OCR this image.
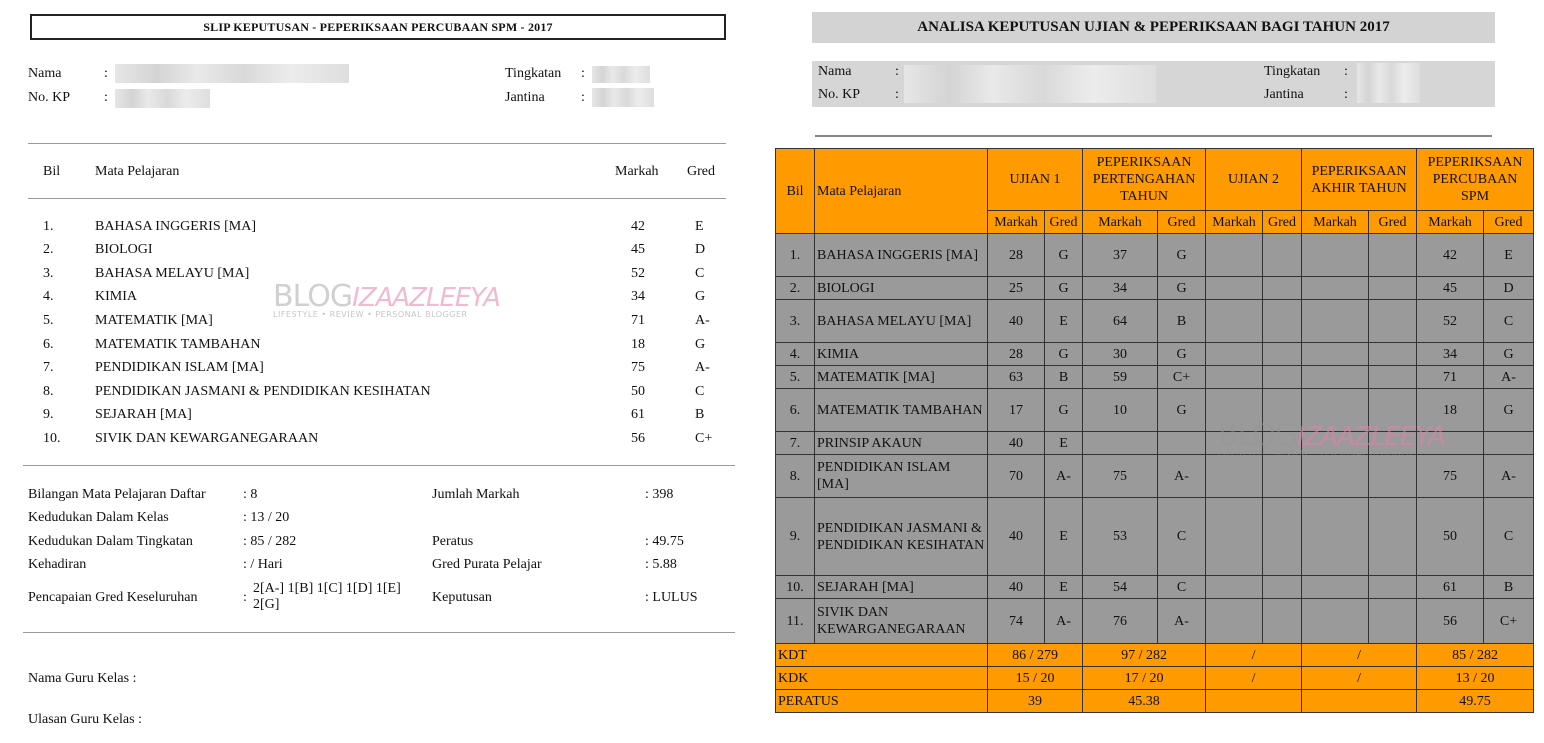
SLIP KEPUTUSAN - PEPERIKSAAN PERCUBAAN SPM - 2017
Nama	:
No. KP :
Tingkatan :
Jantina	:
Bil Mata Pelajaran	Markah Gred
1.	BAHASA INGGERIS [MA]	42	E
2.	BIOLOGI	45	D
3.	BAHASA MELAYU [MA]	52	C
4.	KIMIA	34	G
5.	MATEMATIK [MA]	71	A-
6.	MATEMATIK TAMBAHAN	18	G
7.	PENDIDIKAN ISLAM [MA]	75	A-
8.	PENDIDIKAN JASMANI & PENDIDIKAN KESIHATAN	50	C
9.	SEJARAH [MA]	61	B
10. SIVIK DAN KEWARGANEGARAAN	56	C+
BLOGIZAAZLEEYA
LIFESTYLE • REVIEW • PERSONAL BLOGGER
Bilangan Mata Pelajaran Daftar	: 8
Kedudukan Dalam Kelas	: 13 / 20
Kedudukan Dalam Tingkatan	: 85 / 282
Kehadiran	: / Hari
Pencapaian Gred Keseluruhan	:
2[A-] 1[B] 1[C] 1[D] 1[E]
2[G]
Jumlah Markah	: 398
Peratus	: 49.75
Gred Purata Pelajar	: 5.88
Keputusan	: LULUS
Nama Guru Kelas :
Ulasan Guru Kelas :
ANALISA KEPUTUSAN UJIAN & PEPERIKSAAN BAGI TAHUN 2017
Nama	:
No. KP :
Tingkatan :
Jantina	:
Bil	Mata Pelajaran	UJIAN 1		PEPERIKSAAN PERTENGAHAN TAHUN		UJIAN 2		PEPERIKSAAN AKHIR TAHUN		PEPERIKSAAN PERCUBAAN SPM	
		Markah	Gred	Markah	Gred	Markah	Gred	Markah	Gred	Markah	Gred
1.	BAHASA INGGERIS [MA]	28	G	37	G					42	E
2.	BIOLOGI	25	G	34	G					45	D
3.	BAHASA MELAYU [MA]	40	E	64	B					52	C
4.	KIMIA	28	G	30	G					34	G
5.	MATEMATIK [MA]	63	B	59	C+					71	A-
6.	MATEMATIK TAMBAHAN	17	G	10	G					18	G
7.	PRINSIP AKAUN	40	E								
8.	PENDIDIKAN ISLAM [MA]	70	A-	75	A-					75	A-
9.	PENDIDIKAN JASMANI & PENDIDIKAN KESIHATAN	40	E	53	C					50	C
10.	SEJARAH [MA]	40	E	54	C					61	B
11.	SIVIK DAN KEWARGANEGARAAN	74	A-	76	A-					56	C+
KDT		86 / 279		97 / 282		/		/		85 / 282	
KDK		15 / 20		17 / 20		/		/		13 / 20	
PERATUS		39		45.38						49.75	
BLOGIZAAZLEEYA
LIFESTYLE • REVIEW • PERSONAL BLOGGER
